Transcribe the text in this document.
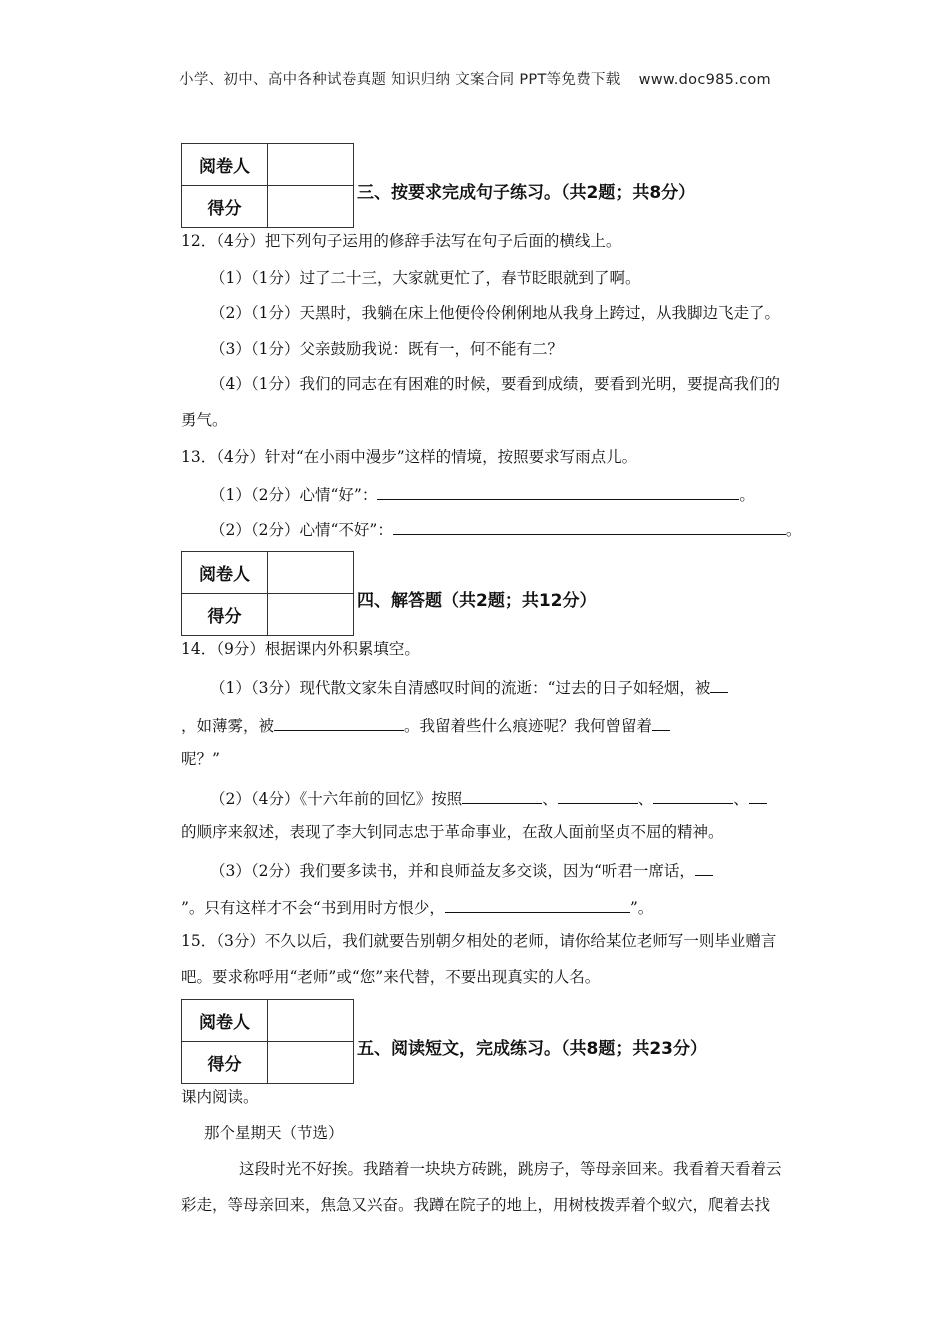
小学、初中、高中各种试卷真题 知识归纳 文案合同 PPT等免费下载 www.doc985.com
阅卷人	
得分	
三、按要求完成句子练习。（共2题；共8分）
12．（4分）把下列句子运用的修辞手法写在句子后面的横线上。
（1）（1分）过了二十三，大家就更忙了，春节眨眼就到了啊。
（2）（1分）天黑时，我躺在床上他便伶伶俐俐地从我身上跨过，从我脚边飞走了。
（3）（1分）父亲鼓励我说：既有一，何不能有二？
（4）（1分）我们的同志在有困难的时候，要看到成绩，要看到光明，要提高我们的
勇气。
13．（4分）针对“在小雨中漫步”这样的情境，按照要求写雨点儿。
（1）（2分）心情“好”：	。
（2）（2分）心情“不好”：	。
阅卷人	
得分	
四、解答题（共2题；共12分）
14．（9分）根据课内外积累填空。
（1）（3分）现代散文家朱自清感叹时间的流逝：“过去的日子如轻烟，被
，如薄雾，被	。我留着些什么痕迹呢？我何曾留着
呢？”
（2）（4分）《十六年前的回忆》按照	、	、	、
的顺序来叙述，表现了李大钊同志忠于革命事业，在敌人面前坚贞不屈的精神。
（3）（2分）我们要多读书，并和良师益友多交谈，因为“听君一席话，
”。只有这样才不会“书到用时方恨少，	”。
15．（3分）不久以后，我们就要告别朝夕相处的老师，请你给某位老师写一则毕业赠言
吧。要求称呼用“老师”或“您”来代替，不要出现真实的人名。
阅卷人	
得分	
五、阅读短文，完成练习。（共8题；共23分）
课内阅读。
那个星期天（节选）
这段时光不好挨。我踏着一块块方砖跳，跳房子，等母亲回来。我看着天看着云
彩走，等母亲回来，焦急又兴奋。我蹲在院子的地上，用树枝拨弄着个蚁穴，爬着去找
